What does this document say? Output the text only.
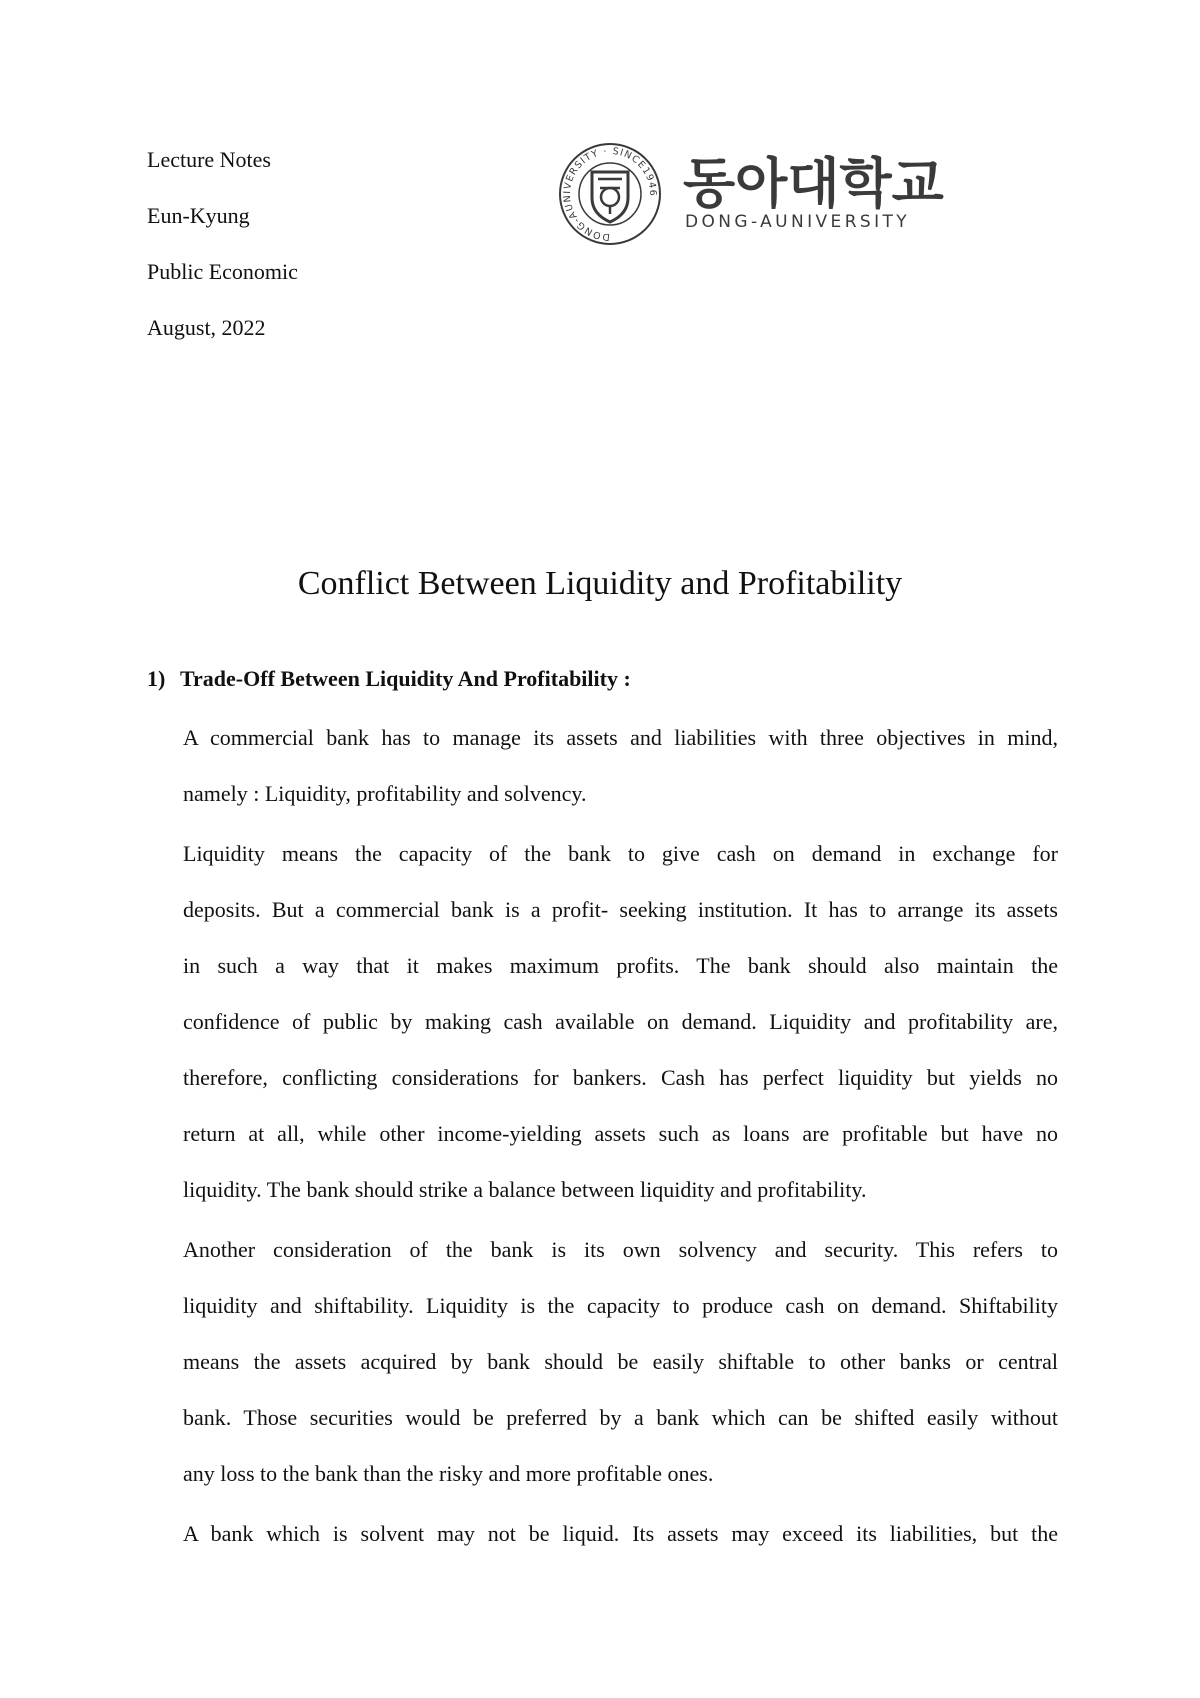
Lecture Notes
Eun-Kyung
Public Economic
August, 2022
DONG-AUNIVERSITY · SINCE1946 동아대학교
DONG-AUNIVERSITY
Conflict Between Liquidity and Profitability
1) Trade-Off Between Liquidity And Profitability :
A commercial bank has to manage its assets and liabilities with three objectives in mind,
namely : Liquidity, profitability and solvency.
Liquidity means the capacity of the bank to give cash on demand in exchange for
deposits. But a commercial bank is a profit- seeking institution. It has to arrange its assets
in such a way that it makes maximum profits. The bank should also maintain the
confidence of public by making cash available on demand. Liquidity and profitability are,
therefore, conflicting considerations for bankers. Cash has perfect liquidity but yields no
return at all, while other income-yielding assets such as loans are profitable but have no
liquidity. The bank should strike a balance between liquidity and profitability.
Another consideration of the bank is its own solvency and security. This refers to
liquidity and shiftability. Liquidity is the capacity to produce cash on demand. Shiftability
means the assets acquired by bank should be easily shiftable to other banks or central
bank. Those securities would be preferred by a bank which can be shifted easily without
any loss to the bank than the risky and more profitable ones.
A bank which is solvent may not be liquid. Its assets may exceed its liabilities, but the
